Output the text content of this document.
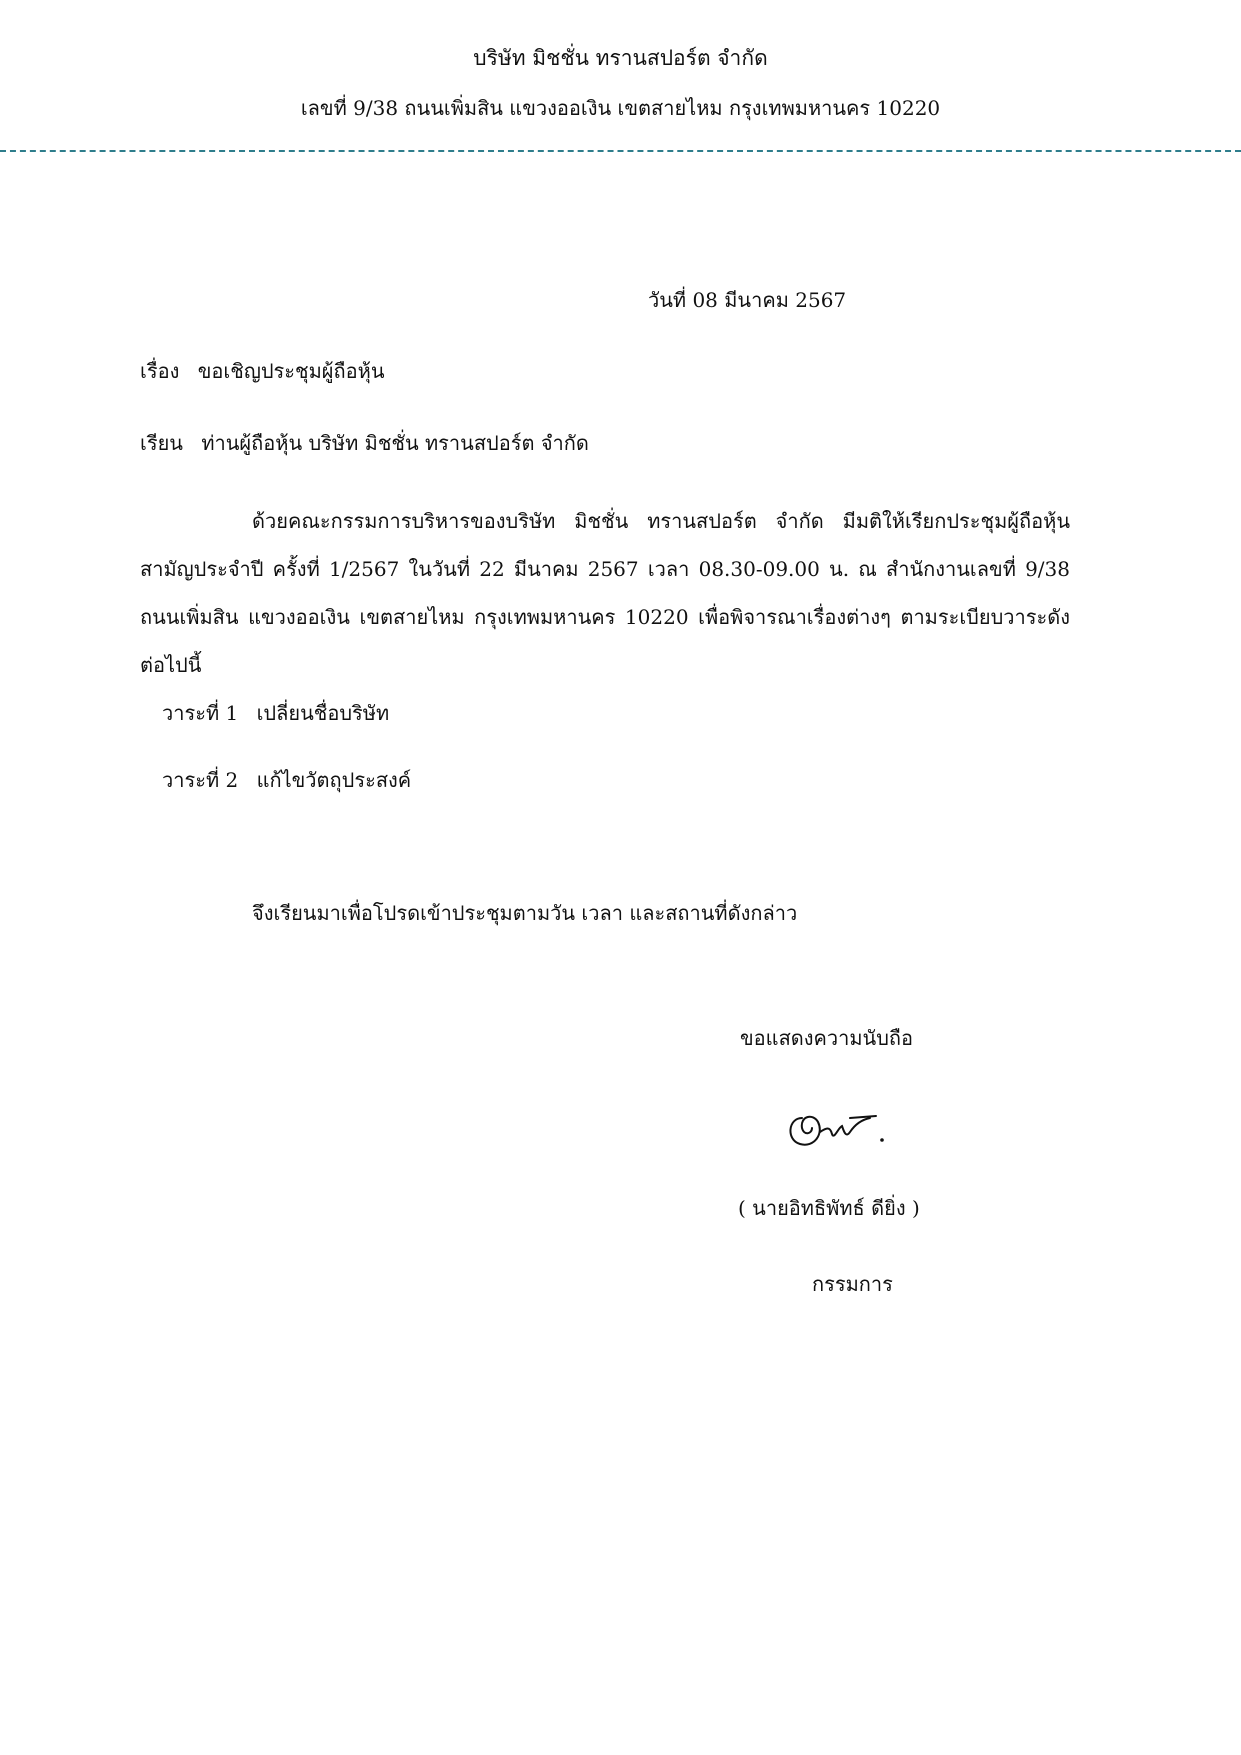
บริษัท มิชชั่น ทรานสปอร์ต จำกัด
เลขที่ 9/38 ถนนเพิ่มสิน แขวงออเงิน เขตสายไหม กรุงเทพมหานคร 10220
วันที่ 08 มีนาคม 2567
เรื่อง ขอเชิญประชุมผู้ถือหุ้น
เรียน ท่านผู้ถือหุ้น บริษัท มิชชั่น ทรานสปอร์ต จำกัด
ด้วยคณะกรรมการบริหารของบริษัท มิชชั่น ทรานสปอร์ต จำกัด มีมติให้เรียกประชุมผู้ถือหุ้นสามัญประจำปี ครั้งที่ 1/2567 ในวันที่ 22 มีนาคม 2567 เวลา 08.30-09.00 น. ณ สำนักงานเลขที่ 9/38 ถนนเพิ่มสิน แขวงออเงิน เขตสายไหม กรุงเทพมหานคร 10220 เพื่อพิจารณาเรื่องต่างๆ ตามระเบียบวาระดังต่อไปนี้
วาระที่ 1 เปลี่ยนชื่อบริษัท
วาระที่ 2 แก้ไขวัตถุประสงค์
จึงเรียนมาเพื่อโปรดเข้าประชุมตามวัน เวลา และสถานที่ดังกล่าว
ขอแสดงความนับถือ
( นายอิทธิพัทธ์ ดียิ่ง )
กรรมการ
